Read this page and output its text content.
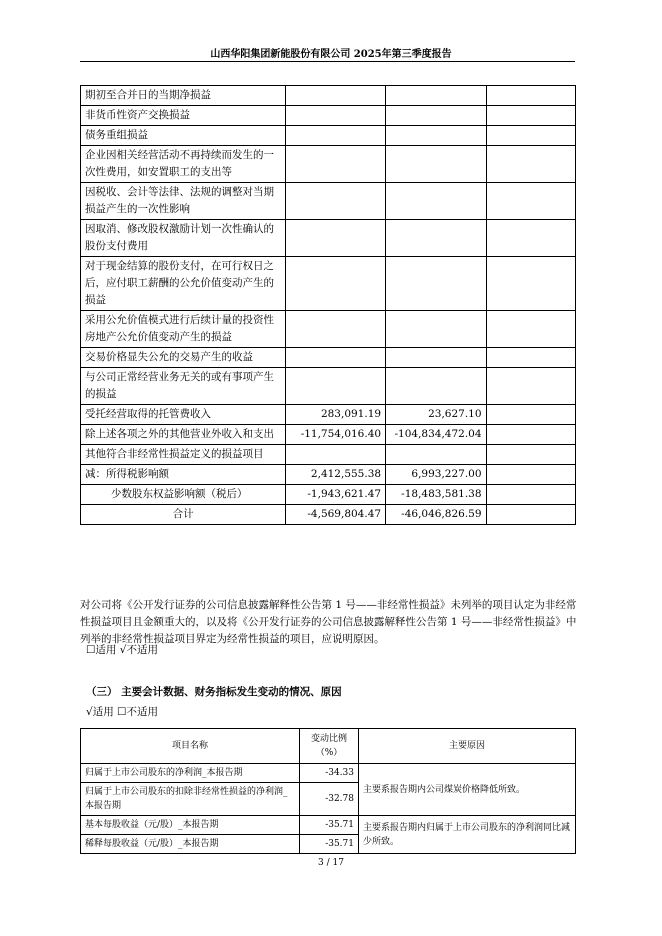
山西华阳集团新能股份有限公司 2025年第三季度报告
期初至合并日的当期净损益			
非货币性资产交换损益			
债务重组损益			
企业因相关经营活动不再持续而发生的一次性费用，如安置职工的支出等			
因税收、会计等法律、法规的调整对当期损益产生的一次性影响			
因取消、修改股权激励计划一次性确认的股份支付费用			
对于现金结算的股份支付，在可行权日之后，应付职工薪酬的公允价值变动产生的损益			
采用公允价值模式进行后续计量的投资性房地产公允价值变动产生的损益			
交易价格显失公允的交易产生的收益			
与公司正常经营业务无关的或有事项产生的损益			
受托经营取得的托管费收入	283,091.19	23,627.10	
除上述各项之外的其他营业外收入和支出	-11,754,016.40	-104,834,472.04	
其他符合非经常性损益定义的损益项目			
减：所得税影响额	2,412,555.38	6,993,227.00	
少数股东权益影响额（税后）	-1,943,621.47	-18,483,581.38	
合计	-4,569,804.47	-46,046,826.59	
对公司将《公开发行证券的公司信息披露解释性公告第 1 号——非经常性损益》未列举的项目认定为非经常性损益项目且金额重大的，以及将《公开发行证券的公司信息披露解释性公告第 1 号——非经常性损益》中列举的非经常性损益项目界定为经常性损益的项目，应说明原因。
☐适用 √不适用
（三） 主要会计数据、财务指标发生变动的情况、原因
√适用 ☐不适用
项目名称	变动比例（%）	主要原因
归属于上市公司股东的净利润_本报告期	-34.33	主要系报告期内公司煤炭价格降低所致。
归属于上市公司股东的扣除非经常性损益的净利润_本报告期	-32.78	
基本每股收益（元/股）_本报告期	-35.71	主要系报告期内归属于上市公司股东的净利润同比减少所致。
稀释每股收益（元/股）_本报告期	-35.71	
3 / 17
